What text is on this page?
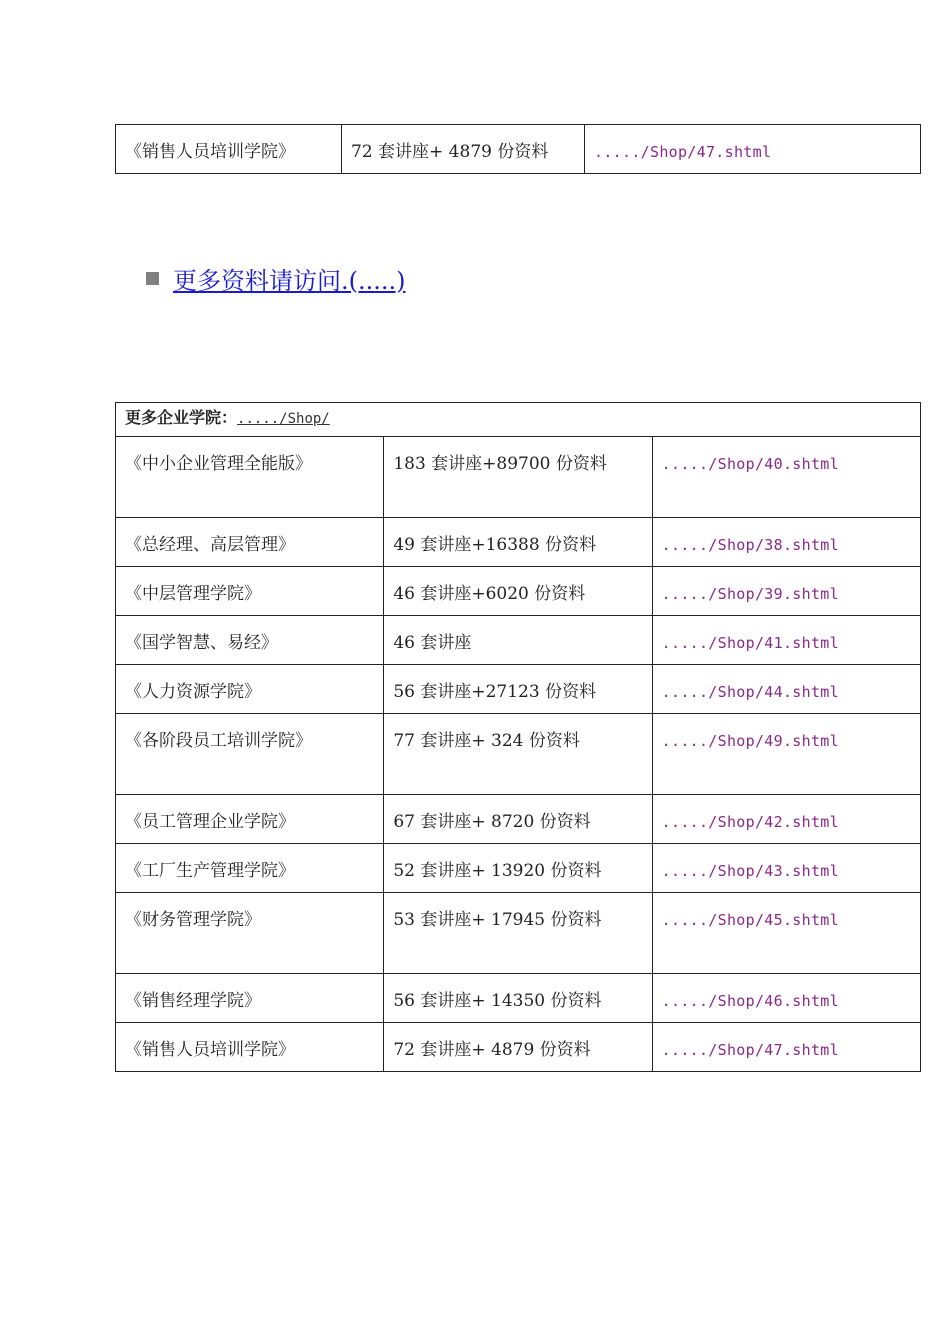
《销售人员培训学院》	72 套讲座+ 4879 份资料	...../Shop/47.shtml
更多资料请访问.(.....)
更多企业学院：...../Shop/		
《中小企业管理全能版》	183 套讲座+89700 份资料	...../Shop/40.shtml
《总经理、高层管理》	49 套讲座+16388 份资料	...../Shop/38.shtml
《中层管理学院》	46 套讲座+6020 份资料	...../Shop/39.shtml
《国学智慧、易经》	46 套讲座	...../Shop/41.shtml
《人力资源学院》	56 套讲座+27123 份资料	...../Shop/44.shtml
《各阶段员工培训学院》	77 套讲座+ 324 份资料	...../Shop/49.shtml
《员工管理企业学院》	67 套讲座+ 8720 份资料	...../Shop/42.shtml
《工厂生产管理学院》	52 套讲座+ 13920 份资料	...../Shop/43.shtml
《财务管理学院》	53 套讲座+ 17945 份资料	...../Shop/45.shtml
《销售经理学院》	56 套讲座+ 14350 份资料	...../Shop/46.shtml
《销售人员培训学院》	72 套讲座+ 4879 份资料	...../Shop/47.shtml
